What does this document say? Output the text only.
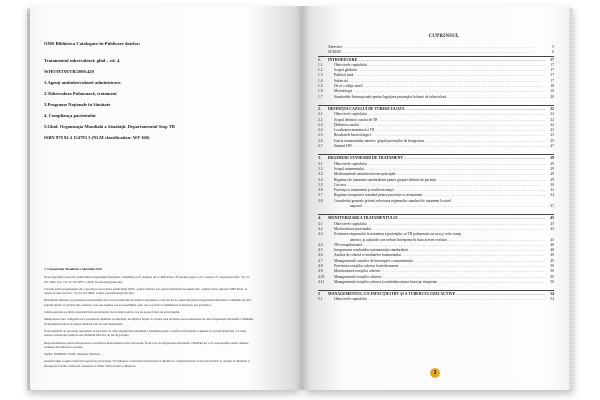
OMS Biblioteca Catalogare-în-Publicare datelor:
Tratamentul tuberculozei: ghid – ed. 4.
WHO/HTM/TB/2009.420
1.Agenţi antituberculozei-administrare.
2.Tuberculoza Pulmonară, tratament
3.Programe Naţionale în Sănătate
4. Compliança pacientului.
5.Ghid. Organizaţia Mondială a Sănătăţii. Departamentul Stop TB
ISBN 978 92 4 154783 3 (NLM classification: WF 360)
© Organizaţia Mondială a Sănătăţii 2010

Toate drepturile rezervate. Publicaţiile Organizaţiei Mondiale a Sănătăţii pot fi obţinute de la OMS Press, 20 Avenue Appia, 1211 Geneva 27, Switzerland (tel. +41 22 791 3264; fax: +41 22 791 4857; e-mail: bookorders@who.int).

Cererile pentru permisiunea de a reproduce sau traduce publicaţiile OMS –pentru vânzare sau pentru distribuire necomercială– trebuie să fie adresate OMS Press, la adresa de mai sus (fax: +41 22 791 4806; e-mail: permissions@who.int).

Denumirile utilizate şi prezentarea materialului din această publicaţie nu implică exprimarea a nici un fel de opinii din partea Organizaţiei Mondiale a Sănătăţii privind statutul juridic al oricărei ţări, teritoriu, oraş sau regiune sau al autorităţilor sale, sau cu privire la delimitarea frontierelor sau graniţelor.

Liniile punctate pe hărţi reprezintă linii aproximative de frontieră pentru care nu poate fi încă un acord deplin.

Menţionarea unor companii sau a produselor anumitor producători, nu implică faptul că acestea sunt aprobate sau recomandate de către Organizaţia Mondială a Sănătăţii, în detrimentul altora de natură similară care nu sunt menţionate.

Toate măsurile de precauţie rezonabile au fost luate de către Organizaţia Mondială a Sănătăţii pentru a verifica informaţiile conţinute în această publicaţie. Cu toate acestea, materialul publicat este distribuit fără nici un fel de garanţie.

Responsabilitatea pentru interpretarea şi utilizarea materialului revine cititorului. În nici un caz Organizaţia Mondială a Sănătăţii nu va fi responsabilă pentru daunele rezultate din utilizarea acestuia.

Tipărit: IMPRINT STAR, Chişinău, Moldova

Această ediţie a apărut datorită suportului proiectului "Fortificarea controlului tuberculozei în Moldova", implementat de Centrul de Politici şi Analize în Sănătate şi finanţat de Fondul Global de combatere a SIDA, Tuberculozei şi Malariei.

CUPRINSUL
Abrevieri .....	5
SUMAR .....	6
1.	INTRODUCERE .....	17
1.1	Obiectivele capitolului .....	17
1.2	Scopul ghidului .....	17
1.3	Publicul ţintă .....	17
1.4	Subiectul .....	17
1.5	De ce o ediţie nouă? .....	18
1.6	Metodologie .....	19
1.7	Standardele Internaţionale pentru Îngrijirea pacienţilor bolnavi de tuberculoză .....	20
2.	DEFINIŢIA CAZULUI DE TUBERCULOZĂ .....	22
2.1	Obiectivele capitolului .....	22
2.2	Scopul definirii cazului de TB .....	22
2.3	Definirea cazului .....	22
2.4	Localizarea anatomică a TB .....	23
2.5	Rezultatele bacteriologice .....	25
2.6	Istoria tratamentului anterior: grupul pacienţilor de înregistrare .....	25
2.7	Statutul HIV .....	27
3.	REGIMURI STANDARD DE TRATAMENT .....	29
3.1	Obiectivele capitolului .....	29
3.2	Scopul tratamentului .....	29
3.3	Medicamentele antituberculoase principale .....	29
3.4	Regimuri de tratament standardizate pentru grupuri definite de pacienţi .....	29
3.5	Caz nou .....	30
3.6	Pacienţi cu tratamentul şi multirezistenţei .....	32
3.7	Regimuri terapeutice standard pentru pacienţii cu retratament .....	34
3.8	Considerări generale privind selectarea regimurilor standard de tratament la nivel
naţional .....	37
4.	MONITORIZAREA TRATAMENTULUI .....	45
4.1	Obiectivele capitolului .....	45
4.2	Monitorizarea pacientului .....	45
4.3	Evaluarea răspunsului la tratament a pacienţilor cu TB pulmonară caz nou şi celor trataţi
anterior, şi acţiunile care trebuie întreprinse în baza acestei evaluări .....	45
4.4	TB extrapulmonară .....	48
4.5	Înregistrarea rezultatelor tratamentului standardizat .....	48
4.6	Analiza de cohortă a rezultatelor tratamentului .....	49
4.7	Managementul cazurilor de întrerupere a tratamentului .....	49
4.8	Prevenirea reacţiilor adverse la medicamente .....	50
4.9	Monitorizarea reacţiilor adverse .....	50
4.10	Managementul reacţiilor adverse .....	50
4.11	Managementul reacţiilor adverse la antituberculoase bazat pe simptome .....	50
5	MANAGEMENTUL CO-INFECŢIEI HIV ŞI A TUBERCULOZEI ACTIVE .....	54
5.1	Obiectivele capitolului .....	54
3
